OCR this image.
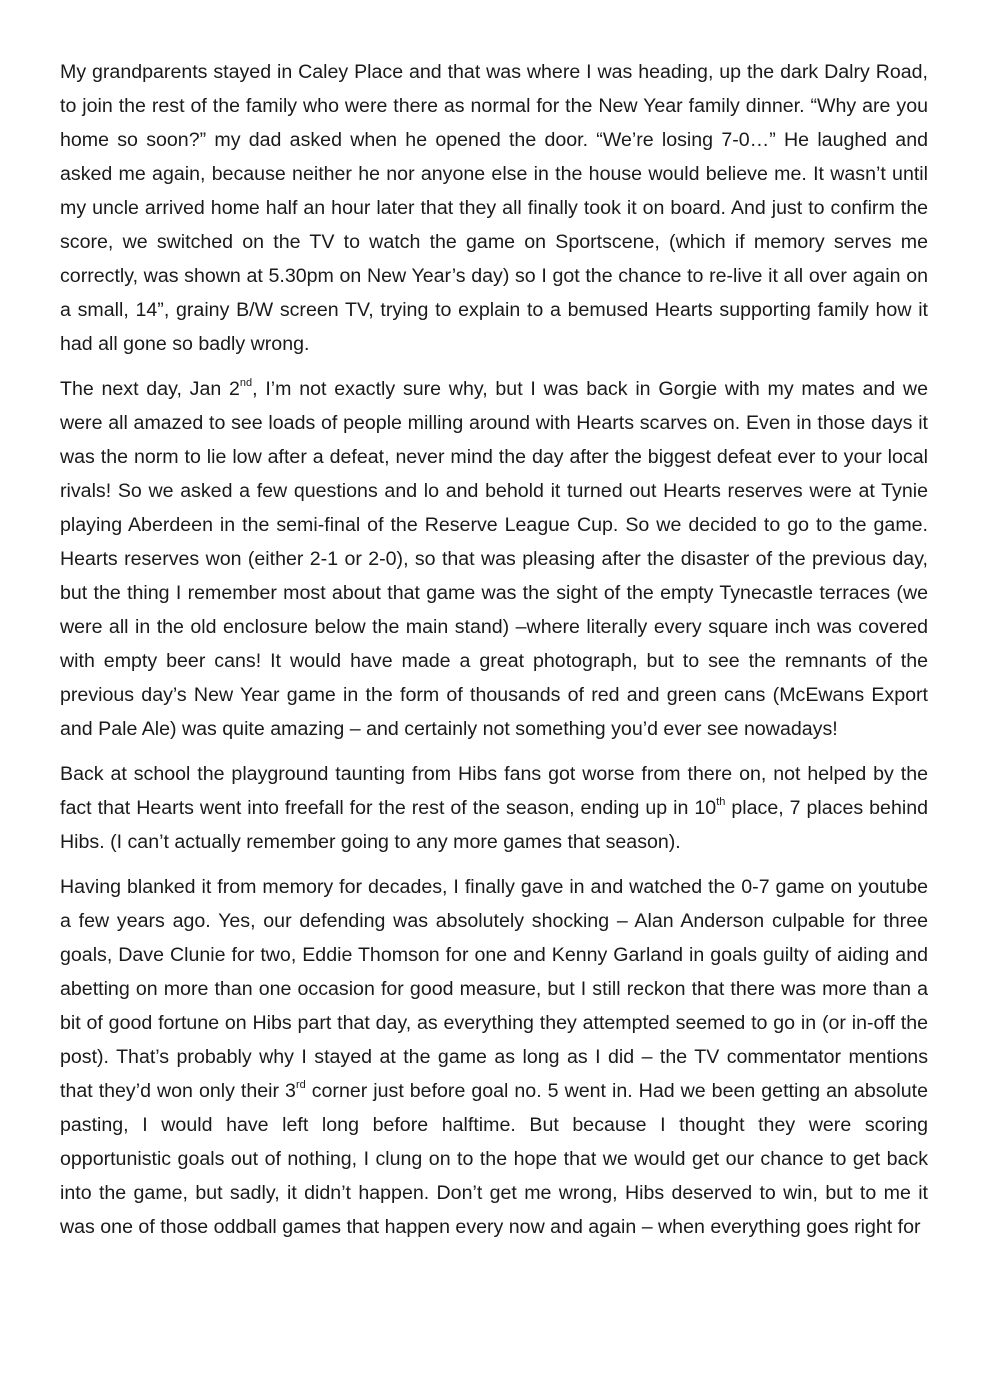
My grandparents stayed in Caley Place and that was where I was heading, up the dark Dalry Road, to join the rest of the family who were there as normal for the New Year family dinner. “Why are you home so soon?” my dad asked when he opened the door. “We’re losing 7-0…” He laughed and asked me again, because neither he nor anyone else in the house would believe me. It wasn’t until my uncle arrived home half an hour later that they all finally took it on board. And just to confirm the score, we switched on the TV to watch the game on Sportscene, (which if memory serves me correctly, was shown at 5.30pm on New Year’s day) so I got the chance to re-live it all over again on a small, 14”, grainy B/W screen TV, trying to explain to a bemused Hearts supporting family how it had all gone so badly wrong.

The next day, Jan 2nd, I’m not exactly sure why, but I was back in Gorgie with my mates and we were all amazed to see loads of people milling around with Hearts scarves on. Even in those days it was the norm to lie low after a defeat, never mind the day after the biggest defeat ever to your local rivals! So we asked a few questions and lo and behold it turned out Hearts reserves were at Tynie playing Aberdeen in the semi-final of the Reserve League Cup. So we decided to go to the game. Hearts reserves won (either 2-1 or 2-0), so that was pleasing after the disaster of the previous day, but the thing I remember most about that game was the sight of the empty Tynecastle terraces (we were all in the old enclosure below the main stand) –where literally every square inch was covered with empty beer cans! It would have made a great photograph, but to see the remnants of the previous day’s New Year game in the form of thousands of red and green cans (McEwans Export and Pale Ale) was quite amazing – and certainly not something you’d ever see nowadays!

Back at school the playground taunting from Hibs fans got worse from there on, not helped by the fact that Hearts went into freefall for the rest of the season, ending up in 10th place, 7 places behind Hibs. (I can’t actually remember going to any more games that season).

Having blanked it from memory for decades, I finally gave in and watched the 0-7 game on youtube a few years ago. Yes, our defending was absolutely shocking – Alan Anderson culpable for three goals, Dave Clunie for two, Eddie Thomson for one and Kenny Garland in goals guilty of aiding and abetting on more than one occasion for good measure, but I still reckon that there was more than a bit of good fortune on Hibs part that day, as everything they attempted seemed to go in (or in-off the post). That’s probably why I stayed at the game as long as I did – the TV commentator mentions that they’d won only their 3rd corner just before goal no. 5 went in. Had we been getting an absolute pasting, I would have left long before halftime. But because I thought they were scoring opportunistic goals out of nothing, I clung on to the hope that we would get our chance to get back into the game, but sadly, it didn’t happen. Don’t get me wrong, Hibs deserved to win, but to me it was one of those oddball games that happen every now and again – when everything goes right for
